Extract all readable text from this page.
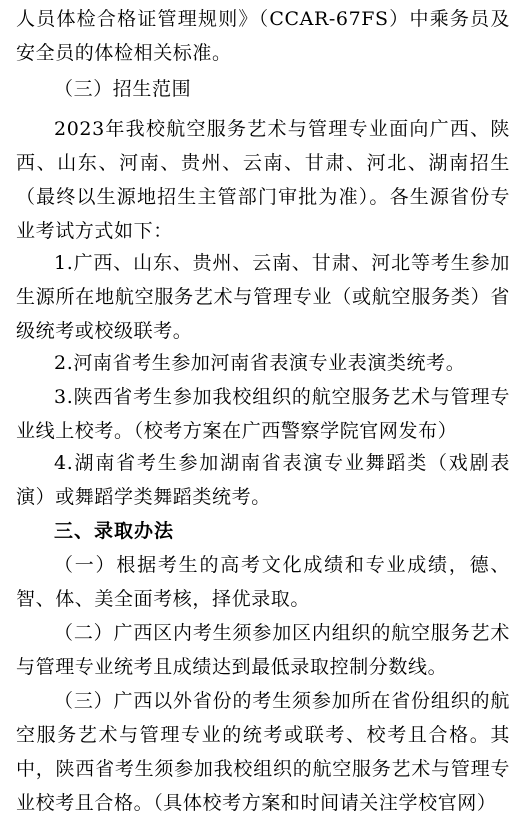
人员体检合格证管理规则》（CCAR-67FS）中乘务员及安全员的体检相关标准。

（三）招生范围

2023年我校航空服务艺术与管理专业面向广西、陕西、山东、河南、贵州、云南、甘肃、河北、湖南招生（最终以生源地招生主管部门审批为准）。各生源省份专业考试方式如下：

1.广西、山东、贵州、云南、甘肃、河北等考生参加生源所在地航空服务艺术与管理专业（或航空服务类）省级统考或校级联考。

2.河南省考生参加河南省表演专业表演类统考。

3.陕西省考生参加我校组织的航空服务艺术与管理专业线上校考。（校考方案在广西警察学院官网发布）

4.湖南省考生参加湖南省表演专业舞蹈类（戏剧表演）或舞蹈学类舞蹈类统考。

三、录取办法

（一）根据考生的高考文化成绩和专业成绩，德、智、体、美全面考核，择优录取。

（二）广西区内考生须参加区内组织的航空服务艺术与管理专业统考且成绩达到最低录取控制分数线。

（三）广西以外省份的考生须参加所在省份组织的航空服务艺术与管理专业的统考或联考、校考且合格。其中，陕西省考生须参加我校组织的航空服务艺术与管理专业校考且合格。（具体校考方案和时间请关注学校官网）
